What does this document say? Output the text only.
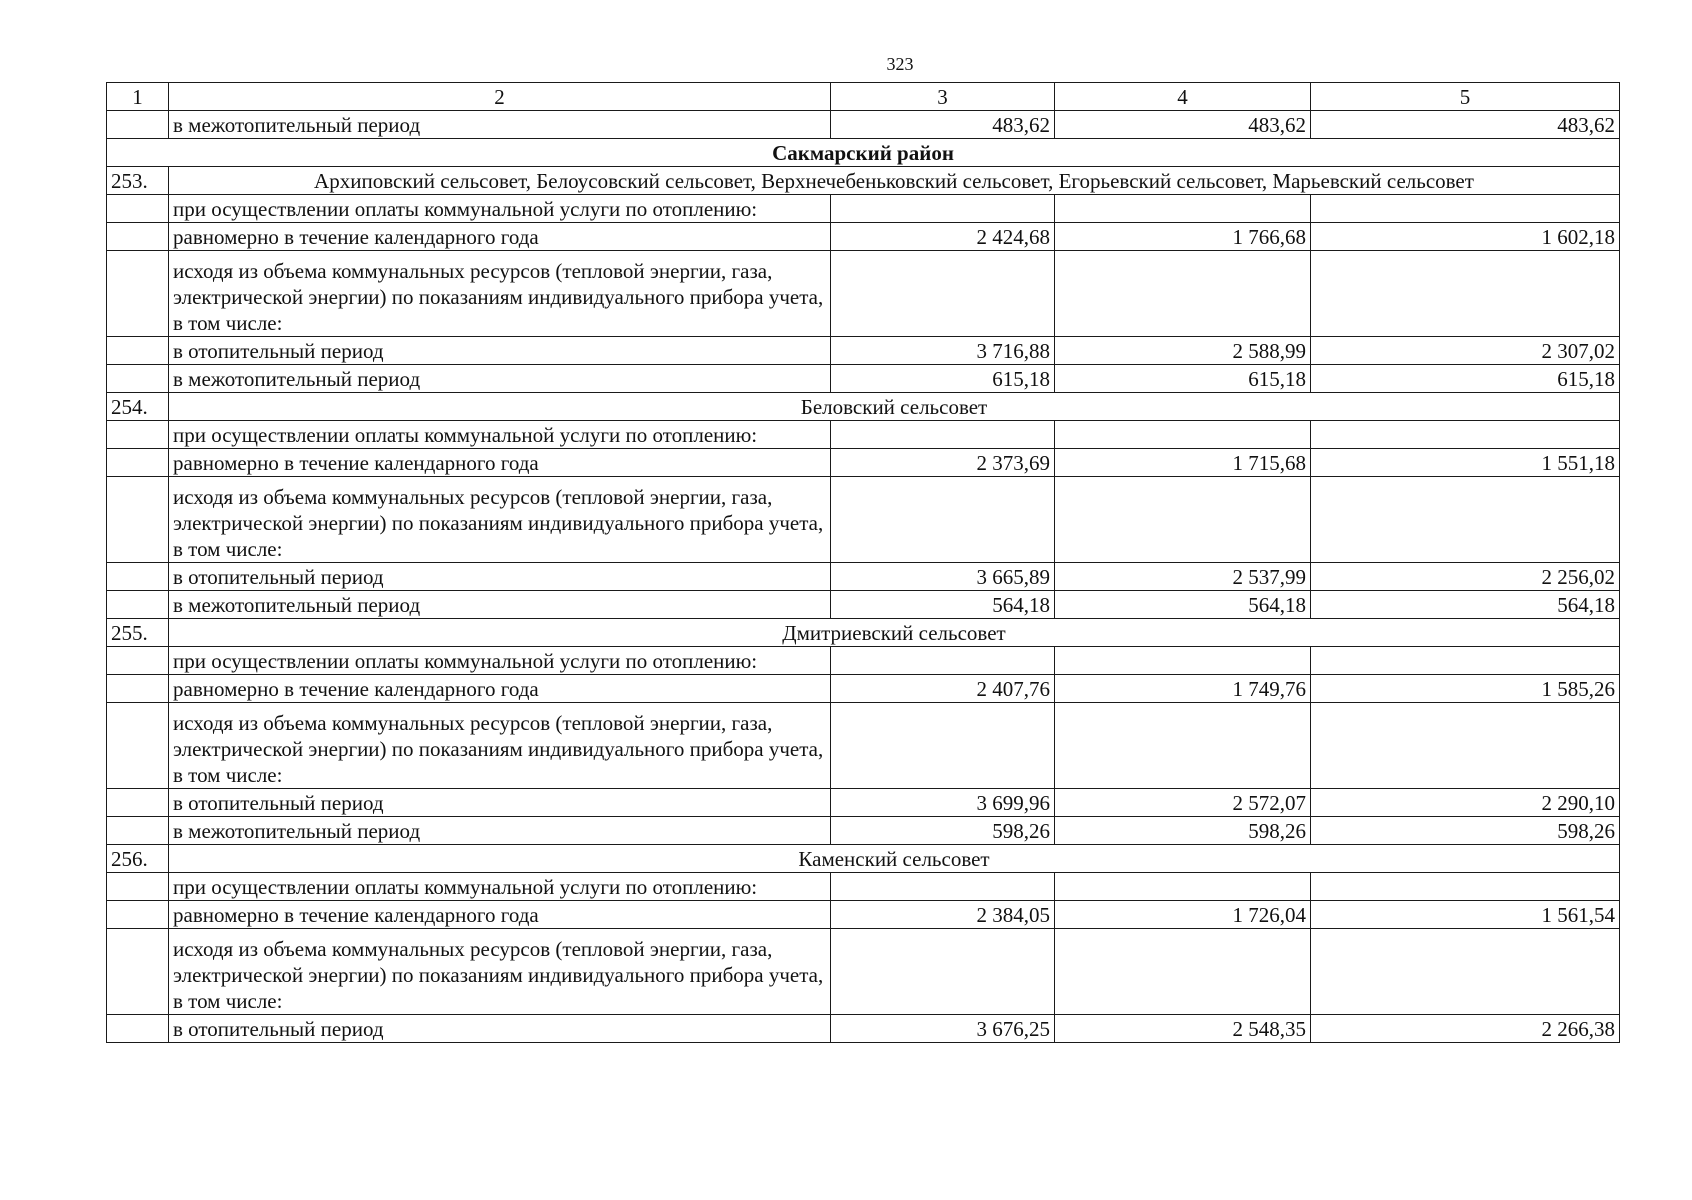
323
1	2	3	4	5
	в межотопительный период	483,62	483,62	483,62
Сакмарский район				
253.	Архиповский сельсовет, Белоусовский сельсовет, Верхнечебеньковский сельсовет, Егорьевский сельсовет, Марьевский сельсовет			
	при осуществлении оплаты коммунальной услуги по отоплению:			
	равномерно в течение календарного года	2 424,68	1 766,68	1 602,18
	исходя из объема коммунальных ресурсов (тепловой энергии, газа, электрической энергии) по показаниям индивидуального прибора учета, в том числе:			
	в отопительный период	3 716,88	2 588,99	2 307,02
	в межотопительный период	615,18	615,18	615,18
254.	Беловский сельсовет			
	при осуществлении оплаты коммунальной услуги по отоплению:			
	равномерно в течение календарного года	2 373,69	1 715,68	1 551,18
	исходя из объема коммунальных ресурсов (тепловой энергии, газа, электрической энергии) по показаниям индивидуального прибора учета, в том числе:			
	в отопительный период	3 665,89	2 537,99	2 256,02
	в межотопительный период	564,18	564,18	564,18
255.	Дмитриевский сельсовет			
	при осуществлении оплаты коммунальной услуги по отоплению:			
	равномерно в течение календарного года	2 407,76	1 749,76	1 585,26
	исходя из объема коммунальных ресурсов (тепловой энергии, газа, электрической энергии) по показаниям индивидуального прибора учета, в том числе:			
	в отопительный период	3 699,96	2 572,07	2 290,10
	в межотопительный период	598,26	598,26	598,26
256.	Каменский сельсовет			
	при осуществлении оплаты коммунальной услуги по отоплению:			
	равномерно в течение календарного года	2 384,05	1 726,04	1 561,54
	исходя из объема коммунальных ресурсов (тепловой энергии, газа, электрической энергии) по показаниям индивидуального прибора учета, в том числе:			
	в отопительный период	3 676,25	2 548,35	2 266,38
